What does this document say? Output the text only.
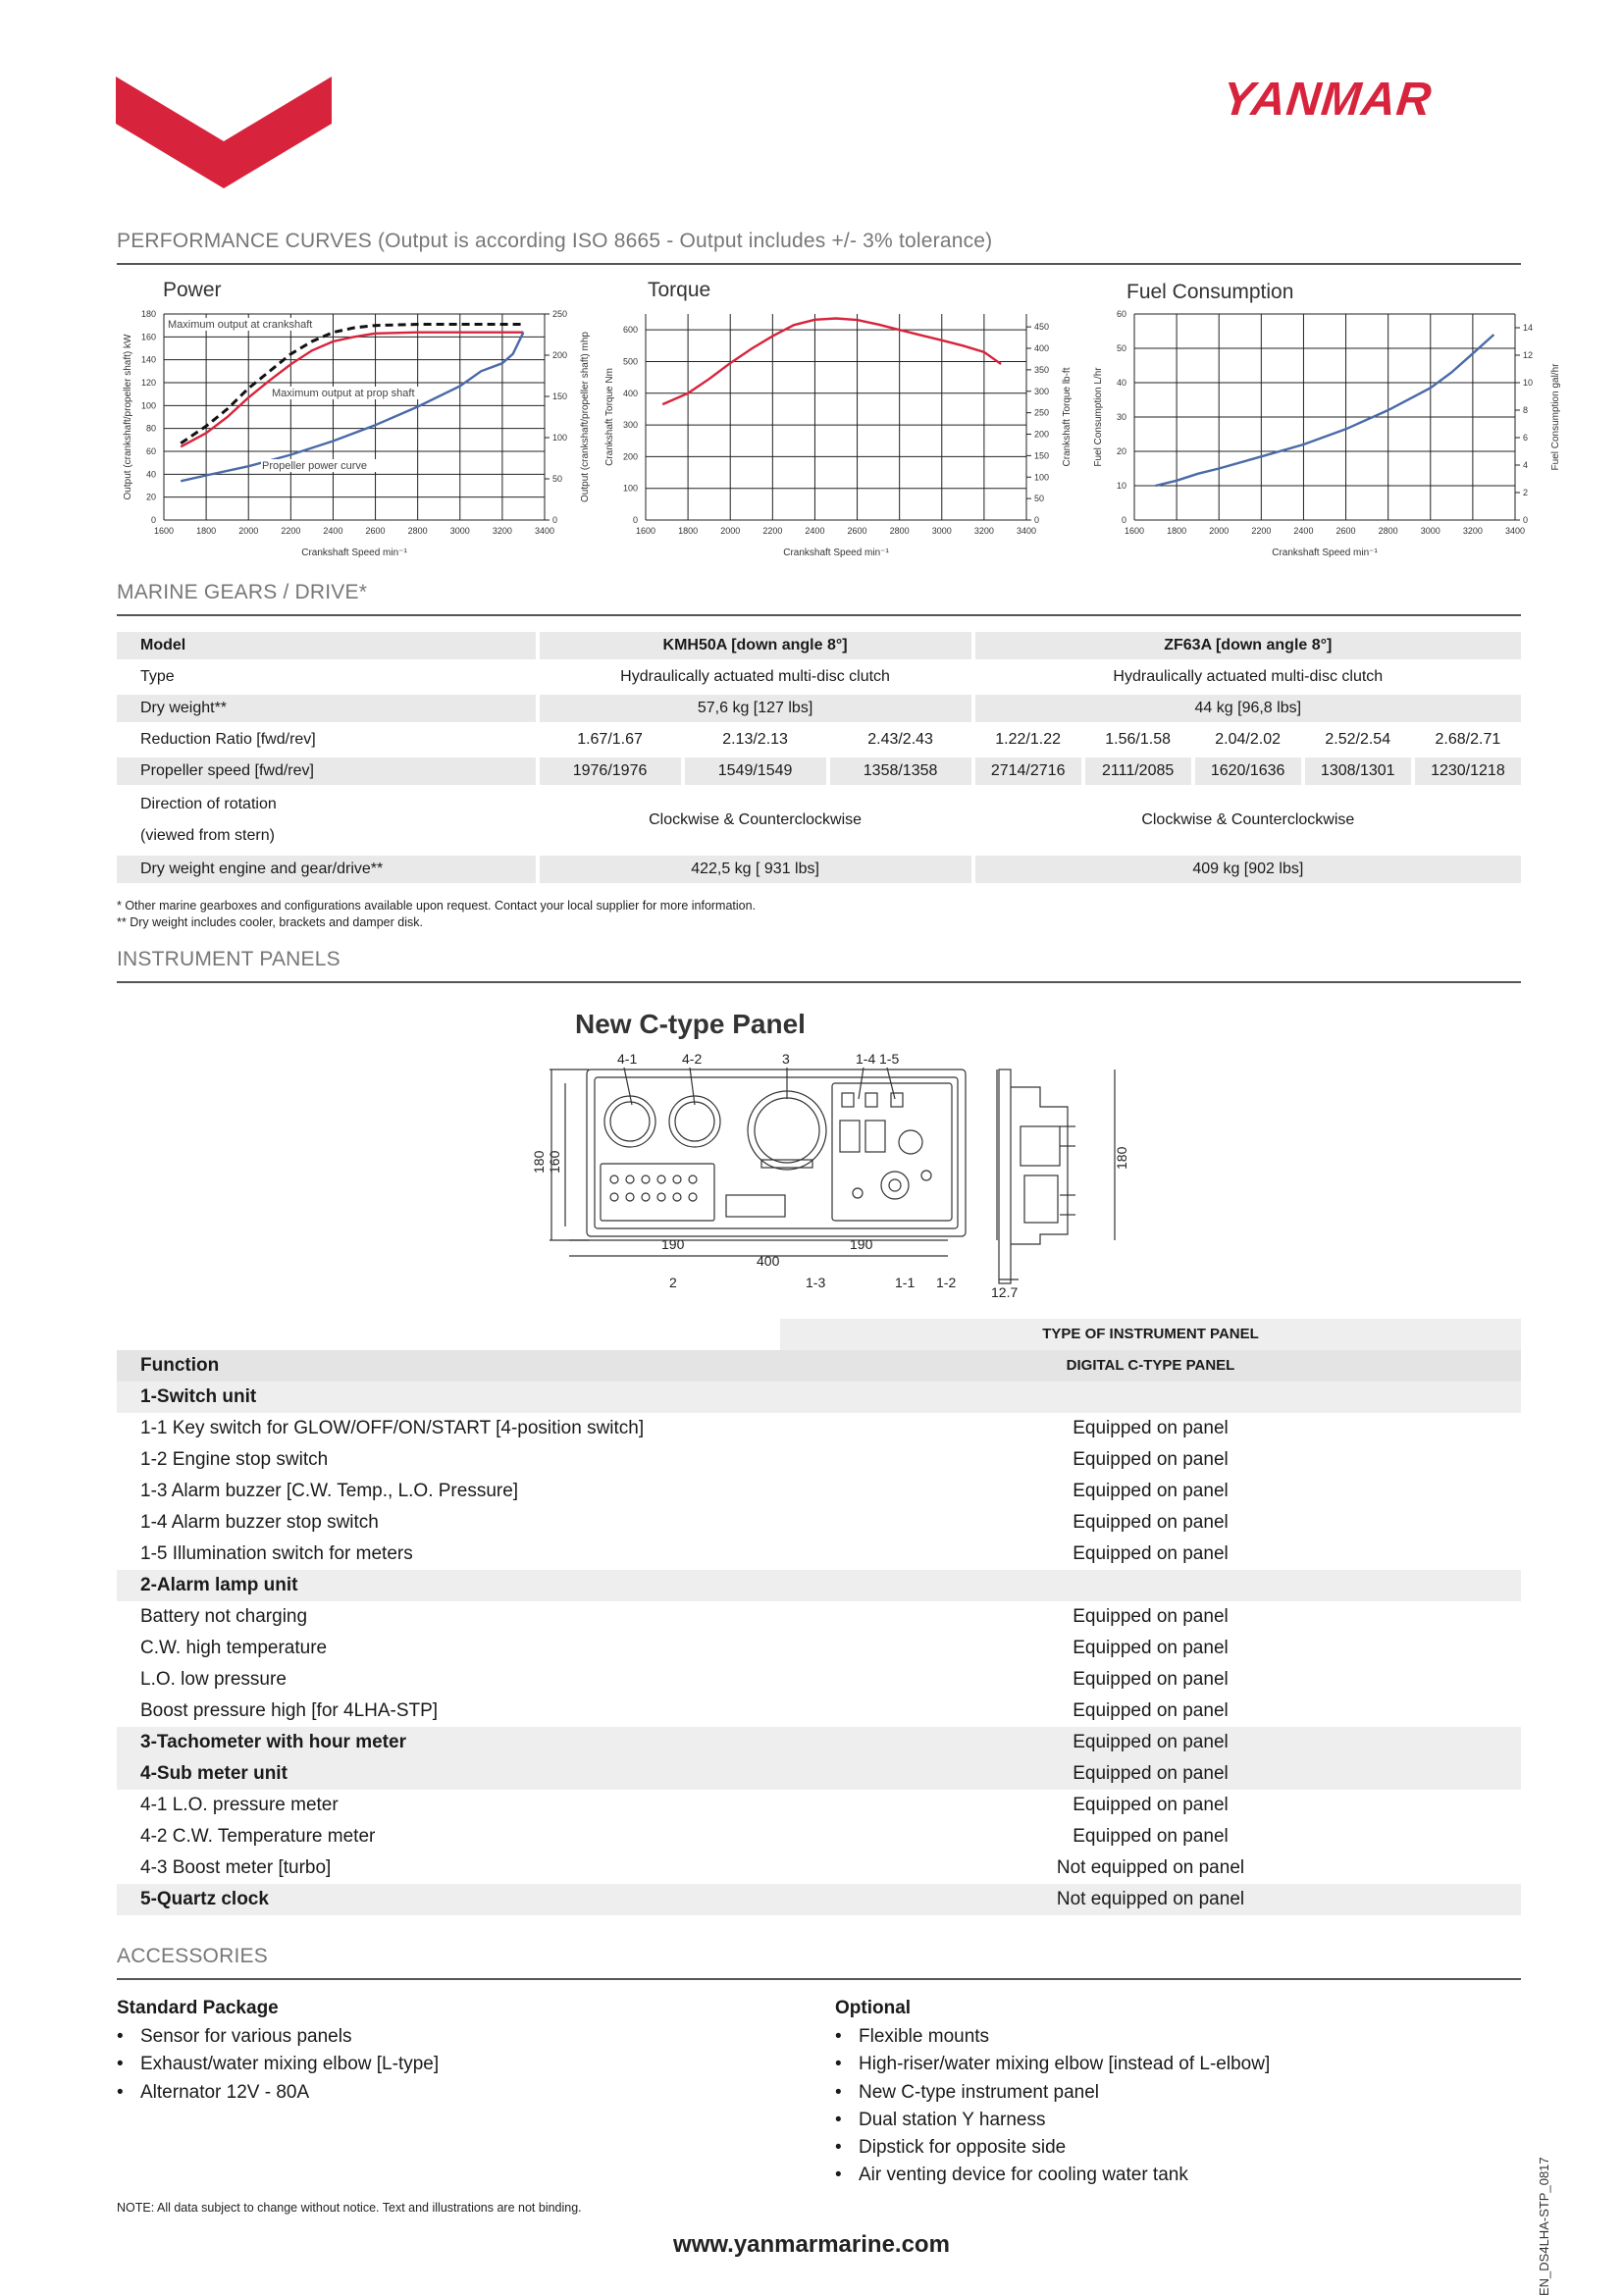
YANMAR
PERFORMANCE CURVES (Output is according ISO 8665 - Output includes +/- 3% tolerance)
Power	Torque	Fuel Consumption
1600	1800	2000	2200	2400	2600	2800	3000	3200	3400
0
20
40
60
80
100
120
140
160
180
0
50
100
150
200
250
Crankshaft Speed min⁻¹
Output (crankshaft/propeller shaft) kW	Output (crankshaft/propeller shaft) mhp
Maximum output at crankshaft
Maximum output at prop shaft
Propeller power curve
1600	1800	2000	2200	2400	2600	2800	3000	3200	3400
0
100
200
300
400
500
600
0
50
100
150
200
250
300
350
400
450
Crankshaft Speed min⁻¹
Crankshaft Torque Nm	Crankshaft Torque lb-ft
1600	1800	2000	2200	2400	2600	2800	3000	3200	3400
0
10
20
30
40
50
60
0
2
4
6
8
10
12
14
Crankshaft Speed min⁻¹
Fuel Consumption L/hr	Fuel Consumption gal/hr
MARINE GEARS / DRIVE*
Model	KMH50A [down angle 8°]			ZF63A [down angle 8°]				
Type	Hydraulically actuated multi-disc clutch			Hydraulically actuated multi-disc clutch				
Dry weight**	57,6 kg [127 lbs]			44 kg [96,8 lbs]				
Reduction Ratio [fwd/rev]	1.67/1.67	2.13/2.13	2.43/2.43	1.22/1.22	1.56/1.58	2.04/2.02	2.52/2.54	2.68/2.71
Propeller speed [fwd/rev]	1976/1976	1549/1549	1358/1358	2714/2716	2111/2085	1620/1636	1308/1301	1230/1218
Direction of rotation
(viewed from stern)	Clockwise & Counterclockwise			Clockwise & Counterclockwise				
Dry weight engine and gear/drive**	422,5 kg [ 931 lbs]			409 kg [902 lbs]				
* Other marine gearboxes and configurations available upon request. Contact your local supplier for more information.
** Dry weight includes cooler, brackets and damper disk.
INSTRUMENT PANELS
New C-type Panel
4-1	4-2	3	1-4 1-5
2	1-3	1-1 1-2
190	190
400
12.7
180 160	180
TYPE OF INSTRUMENT PANEL
Function	DIGITAL C-TYPE PANEL
1-Switch unit
1-1 Key switch for GLOW/OFF/ON/START [4-position switch]	Equipped on panel
1-2 Engine stop switch	Equipped on panel
1-3 Alarm buzzer [C.W. Temp., L.O. Pressure]	Equipped on panel
1-4 Alarm buzzer stop switch	Equipped on panel
1-5 Illumination switch for meters	Equipped on panel
2-Alarm lamp unit
Battery not charging	Equipped on panel
C.W. high temperature	Equipped on panel
L.O. low pressure	Equipped on panel
Boost pressure high [for 4LHA-STP]	Equipped on panel
3-Tachometer with hour meter	Equipped on panel
4-Sub meter unit	Equipped on panel
4-1 L.O. pressure meter	Equipped on panel
4-2 C.W. Temperature meter	Equipped on panel
4-3 Boost meter [turbo]	Not equipped on panel
5-Quartz clock	Not equipped on panel
ACCESSORIES
Standard Package
• Sensor for various panels
• Exhaust/water mixing elbow [L-type]
• Alternator 12V - 80A
Optional
• Flexible mounts
• High-riser/water mixing elbow [instead of L-elbow]
• New C-type instrument panel
• Dual station Y harness
• Dipstick for opposite side
• Air venting device for cooling water tank
NOTE: All data subject to change without notice. Text and illustrations are not binding.
www.yanmarmarine.com	EN_DS4LHA-STP_0817
